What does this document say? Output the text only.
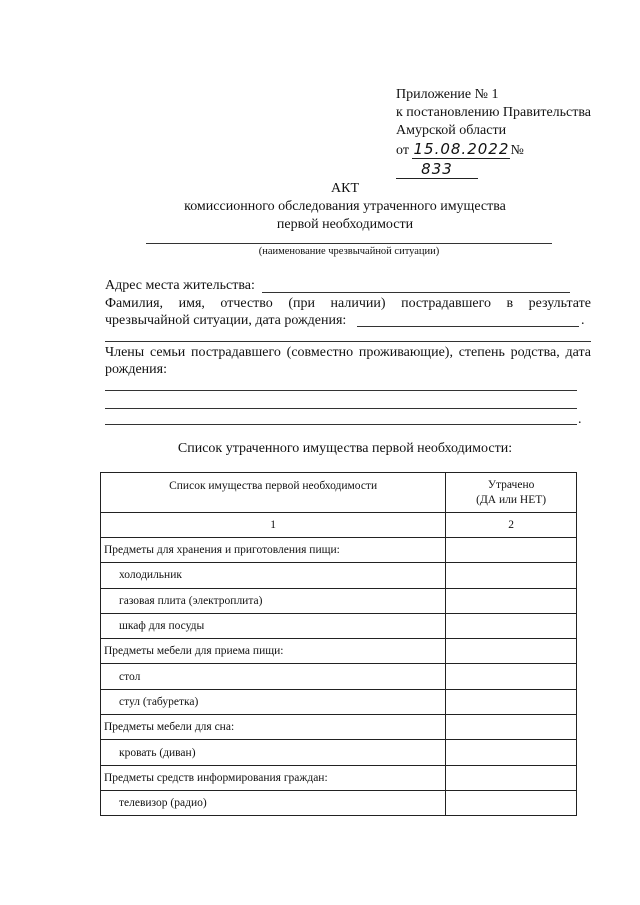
Приложение № 1
к постановлению Правительства
Амурской области
от 15.08.2022№ 833
АКТ
комиссионного обследования утраченного имущества
первой необходимости
(наименование чрезвычайной ситуации)
Адрес места жительства:
Фамилия, имя, отчество (при наличии) пострадавшего в результате
чрезвычайной ситуации, дата рождения:	.
Члены семьи пострадавшего (совместно проживающие), степень родства, дата
рождения:
.
Список утраченного имущества первой необходимости:
Список имущества первой необходимости	Утрачено
(ДА или НЕТ)

1	2
Предметы для хранения и приготовления пищи:	
холодильник	
газовая плита (электроплита)	
шкаф для посуды	
Предметы мебели для приема пищи:	
стол	
стул (табуретка)	
Предметы мебели для сна:	
кровать (диван)	
Предметы средств информирования граждан:	
телевизор (радио)	
